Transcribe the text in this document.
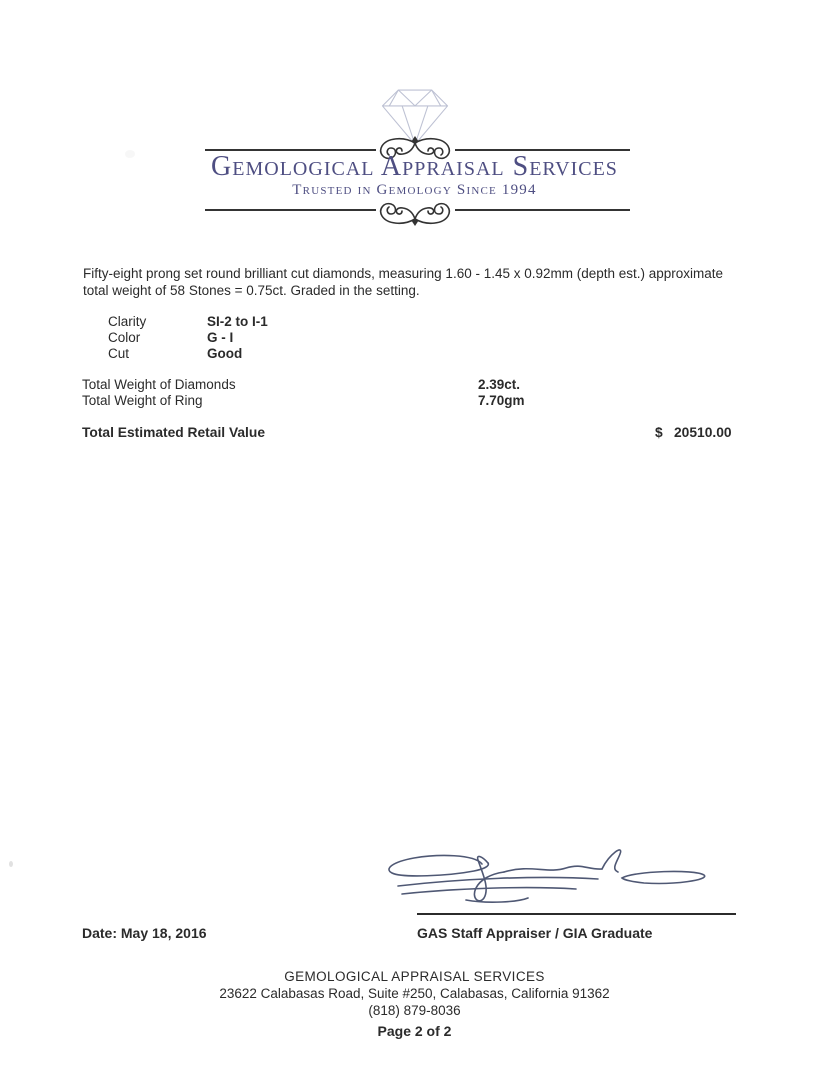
Gemological Appraisal Services
Trusted in Gemology Since 1994
Fifty-eight prong set round brilliant cut diamonds, measuring 1.60 - 1.45 x 0.92mm (depth est.) approximate
total weight of 58 Stones = 0.75ct. Graded in the setting.
Clarity	SI-2 to I-1
Color	G - I
Cut	Good
Total Weight of Diamonds	2.39ct.
Total Weight of Ring	7.70gm
Total Estimated Retail Value	$ 20510.00
Date: May 18, 2016	GAS Staff Appraiser / GIA Graduate
GEMOLOGICAL APPRAISAL SERVICES
23622 Calabasas Road, Suite #250, Calabasas, California 91362
(818) 879-8036
Page 2 of 2
